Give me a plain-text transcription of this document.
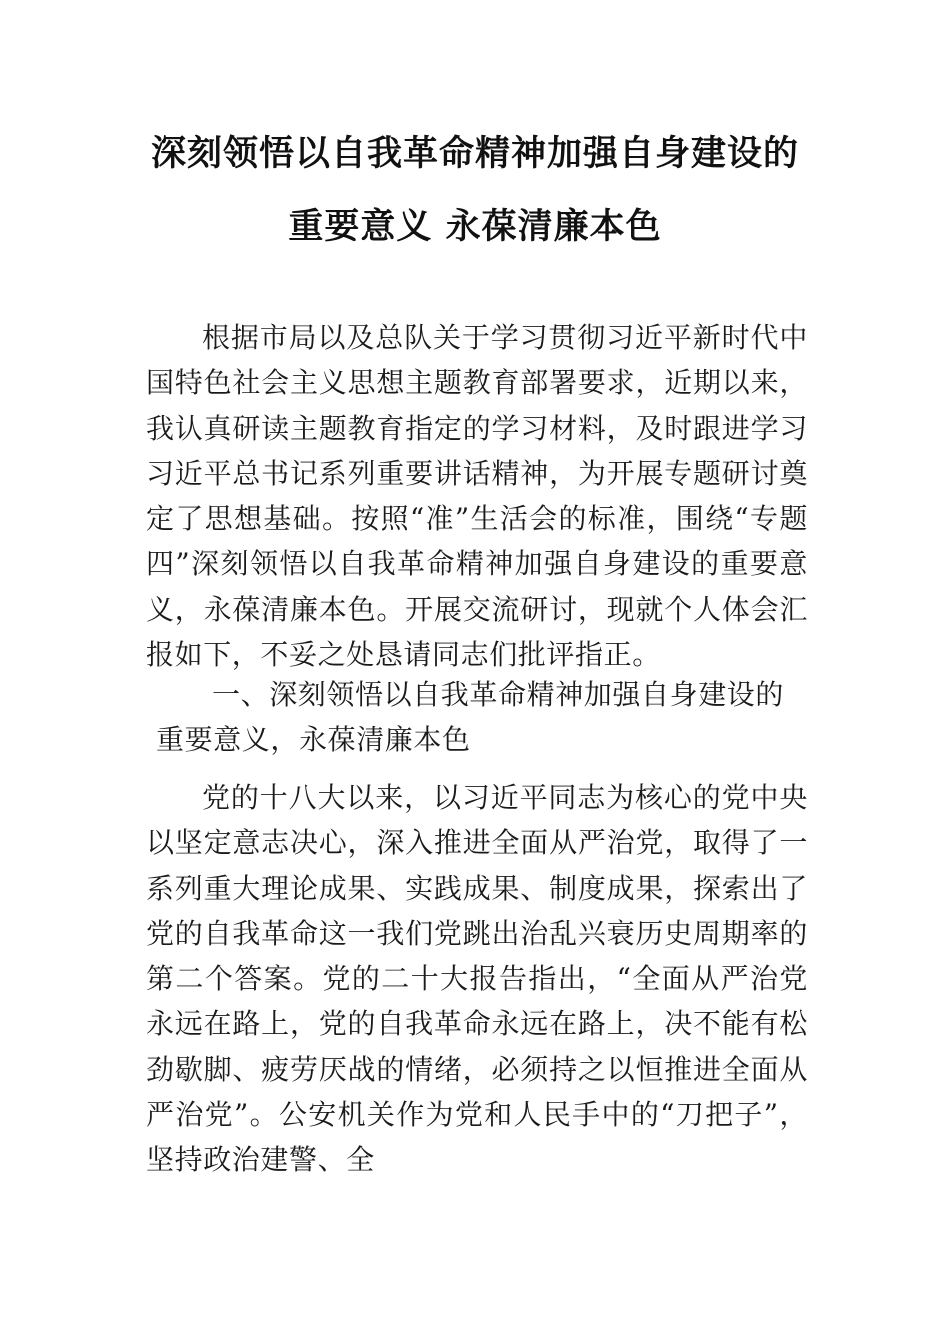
深刻领悟以自我革命精神加强自身建设的
重要意义 永葆清廉本色
根据市局以及总队关于学习贯彻习近平新时代中国特色社会主义思想主题教育部署要求，近期以来，我认真研读主题教育指定的学习材料，及时跟进学习习近平总书记系列重要讲话精神，为开展专题研讨奠定了思想基础。按照“准”生活会的标准，围绕“专题四”深刻领悟以自我革命精神加强自身建设的重要意义，永葆清廉本色。开展交流研讨，现就个人体会汇报如下，不妥之处恳请同志们批评指正。
一、深刻领悟以自我革命精神加强自身建设的重要意义，永葆清廉本色
党的十八大以来，以习近平同志为核心的党中央以坚定意志决心，深入推进全面从严治党，取得了一系列重大理论成果、实践成果、制度成果，探索出了党的自我革命这一我们党跳出治乱兴衰历史周期率的第二个答案。党的二十大报告指出，“全面从严治党永远在路上，党的自我革命永远在路上，决不能有松劲歇脚、疲劳厌战的情绪，必须持之以恒推进全面从严治党”。公安机关作为党和人民手中的“刀把子”，坚持政治建警、全
